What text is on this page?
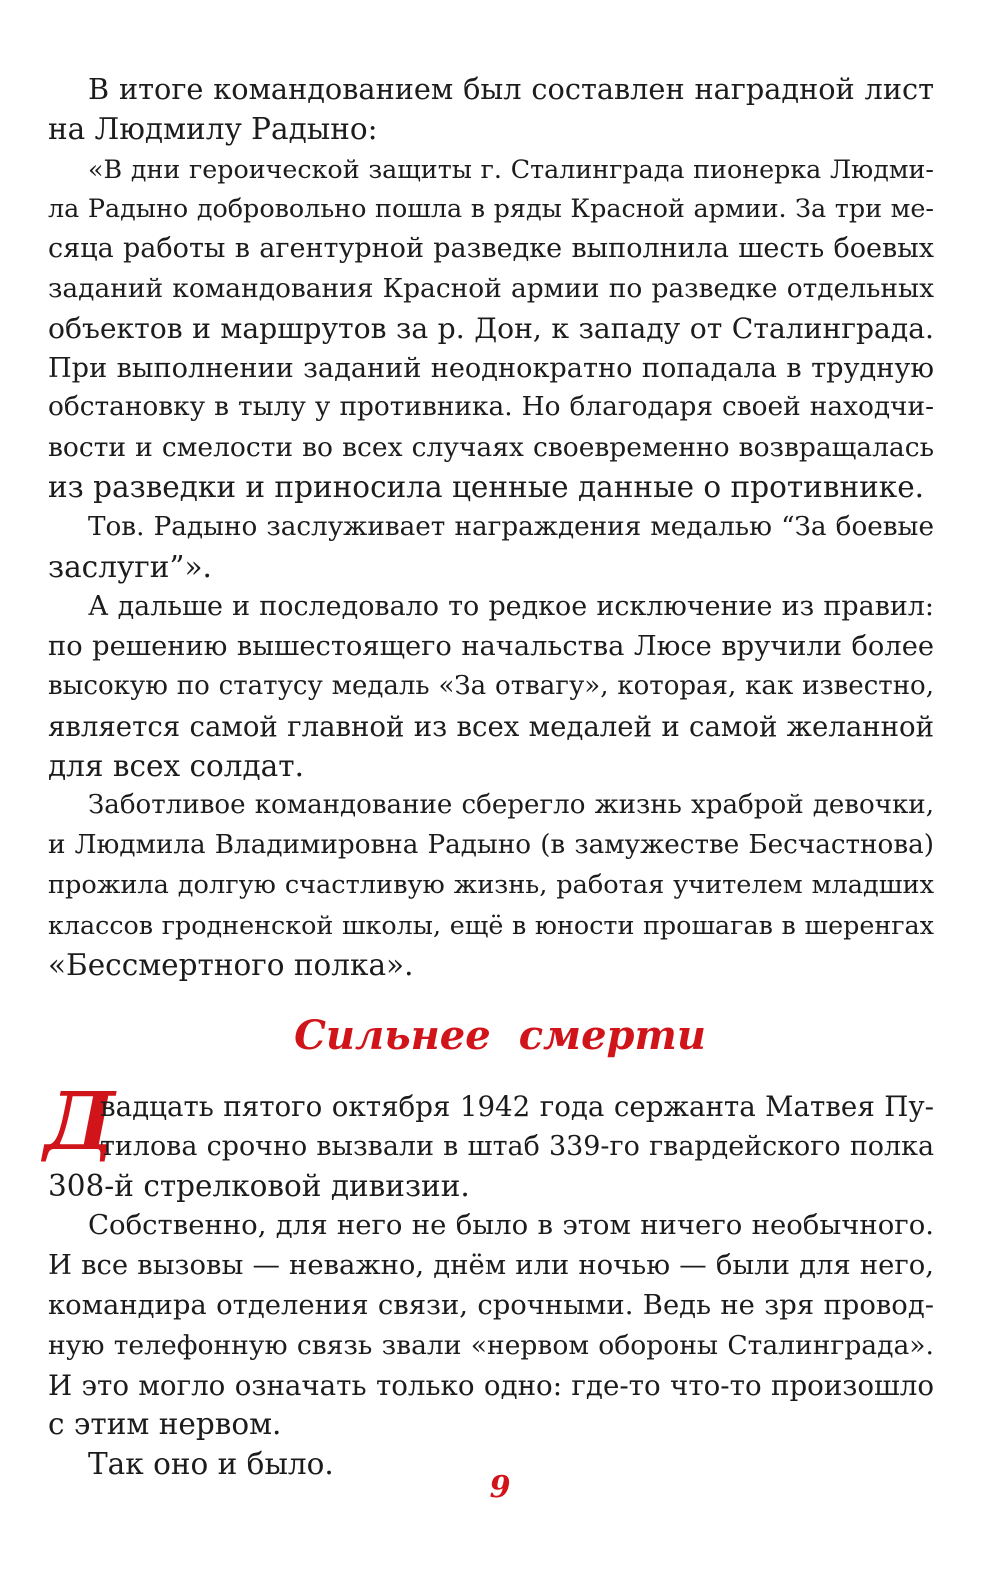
В итоге командованием был составлен наградной лист
на Людмилу Радыно:
«В дни героической защиты г. Сталинграда пионерка Людми-
ла Радыно добровольно пошла в ряды Красной армии. За три ме-
сяца работы в агентурной разведке выполнила шесть боевых
заданий командования Красной армии по разведке отдельных
объектов и маршрутов за р. Дон, к западу от Сталинграда.
При выполнении заданий неоднократно попадала в трудную
обстановку в тылу у противника. Но благодаря своей находчи-
вости и смелости во всех случаях своевременно возвращалась
из разведки и приносила ценные данные о противнике.
Тов. Радыно заслуживает награждения медалью “За боевые
заслуги”».
А дальше и последовало то редкое исключение из правил:
по решению вышестоящего начальства Люсе вручили более
высокую по статусу медаль «За отвагу», которая, как известно,
является самой главной из всех медалей и самой желанной
для всех солдат.
Заботливое командование сберегло жизнь храброй девочки,
и Людмила Владимировна Радыно (в замужестве Бесчастнова)
прожила долгую счастливую жизнь, работая учителем младших
классов гродненской школы, ещё в юности прошагав в шеренгах
«Бессмертного полка».
Сильнее смерти
Д
вадцать пятого октября 1942 года сержанта Матвея Пу-
тилова срочно вызвали в штаб 339-го гвардейского полка
308-й стрелковой дивизии.
Собственно, для него не было в этом ничего необычного.
И все вызовы — неважно, днём или ночью — были для него,
командира отделения связи, срочными. Ведь не зря провод-
ную телефонную связь звали «нервом обороны Сталинграда».
И это могло означать только одно: где-то что-то произошло
с этим нервом.
Так оно и было.
9
